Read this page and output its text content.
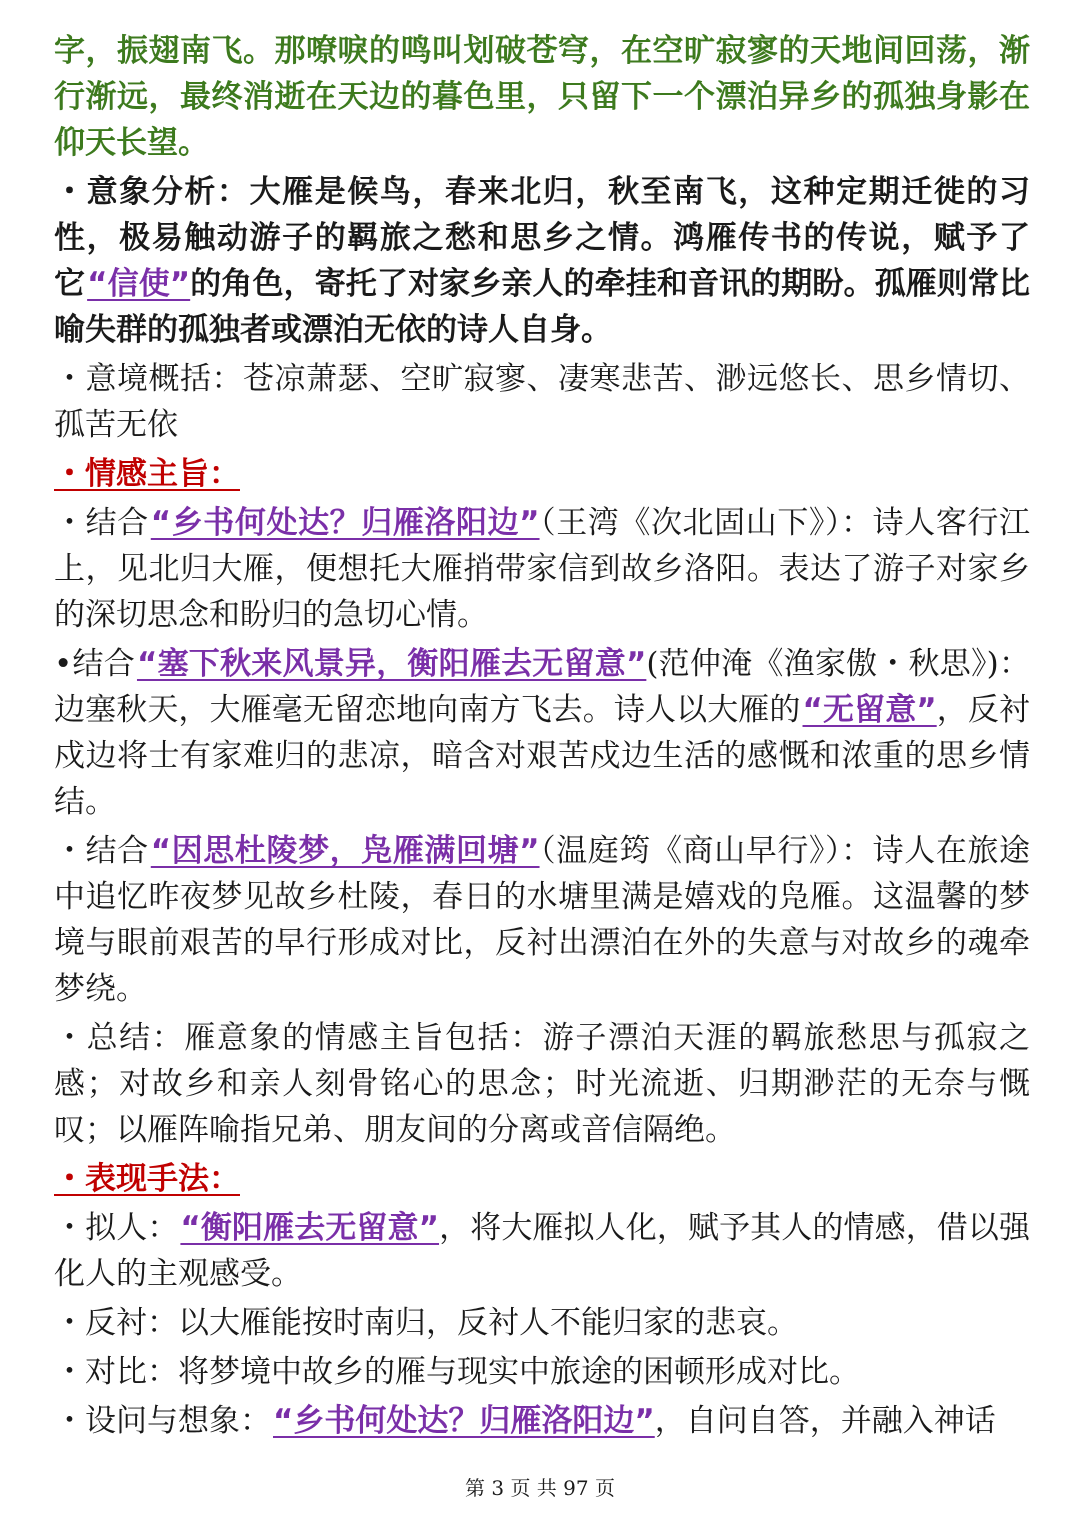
字，振翅南飞。那嘹唳的鸣叫划破苍穹，在空旷寂寥的天地间回荡，渐行渐远，最终消逝在天边的暮色里，只留下一个漂泊异乡的孤独身影在仰天长望。

・意象分析：大雁是候鸟，春来北归，秋至南飞，这种定期迁徙的习性，极易触动游子的羁旅之愁和思乡之情。鸿雁传书的传说，赋予了它“信使”的角色，寄托了对家乡亲人的牵挂和音讯的期盼。孤雁则常比喻失群的孤独者或漂泊无依的诗人自身。

・意境概括：苍凉萧瑟、空旷寂寥、凄寒悲苦、渺远悠长、思乡情切、孤苦无依

・情感主旨：

・结合“乡书何处达？归雁洛阳边”（王湾《次北固山下》）：诗人客行江上，见北归大雁，便想托大雁捎带家信到故乡洛阳。表达了游子对家乡的深切思念和盼归的急切心情。

•结合“塞下秋来风景异，衡阳雁去无留意”(范仲淹《渔家傲・秋思》)：边塞秋天，大雁毫无留恋地向南方飞去。诗人以大雁的“无留意”，反衬戍边将士有家难归的悲凉，暗含对艰苦戍边生活的感慨和浓重的思乡情结。

・结合“因思杜陵梦，凫雁满回塘”（温庭筠《商山早行》）：诗人在旅途中追忆昨夜梦见故乡杜陵，春日的水塘里满是嬉戏的凫雁。这温馨的梦境与眼前艰苦的早行形成对比，反衬出漂泊在外的失意与对故乡的魂牵梦绕。

・总结：雁意象的情感主旨包括：游子漂泊天涯的羁旅愁思与孤寂之感；对故乡和亲人刻骨铭心的思念；时光流逝、归期渺茫的无奈与慨叹；以雁阵喻指兄弟、朋友间的分离或音信隔绝。

・表现手法：

・拟人：“衡阳雁去无留意”，将大雁拟人化，赋予其人的情感，借以强化人的主观感受。

・反衬：以大雁能按时南归，反衬人不能归家的悲哀。

・对比：将梦境中故乡的雁与现实中旅途的困顿形成对比。

・设问与想象：“乡书何处达？归雁洛阳边”，自问自答，并融入神话

第 3 页 共 97 页
